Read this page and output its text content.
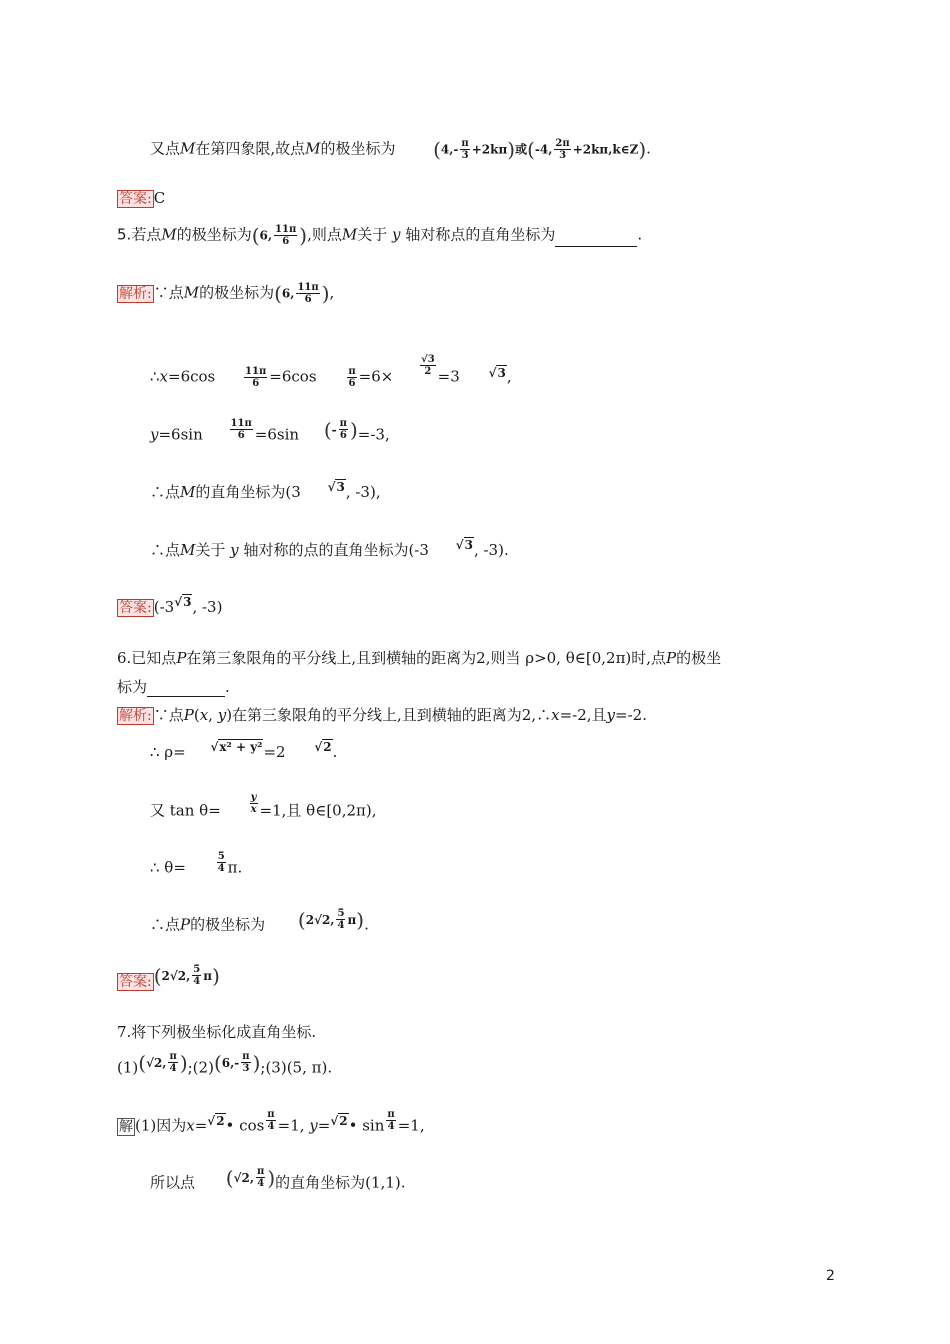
又点M在第四象限,故点M的极坐标为 $(4,- \frac{\pi}{3} +2k\pi)$或(-4, $\frac{2\pi}{3}$ +2kπ,k∈Z).
答案: C
5.若点M的极坐标为(6, $\frac{11\pi}{6}$ ),则点M关于 y 轴对称点的直角坐标为	.
解析: ∵点M的极坐标为(6, $\frac{11\pi}{6}$ ),
∴x=6cos	$\frac{11\pi}{6} =6\cos$	$\frac{\pi}{6} =6\times$	$\frac{√3}{2} =3$ $^{√3}$,
y=6sin	$\frac{11\pi}{6} =6\sin$ $(^- \frac{\pi}{6} )=-3$,
∴点M的直角坐标为(3 $^{√3}$, -3),
∴点M关于 y 轴对称的点的直角坐标为(-3 $^{√3}$, -3).
答案: ($-3^{√3}$, -3)
6.已知点P在第三象限角的平分线上,且到横轴的距离为2,则当 ρ>0, θ∈[0,2π)时,点P的极坐
标为	.
解析: ∵点P(x, y)在第三象限角的平分线上,且到横轴的距离为2,∴x=-2,且y=-2.
∴ ρ= $^{√x^2 + y^2}$=2 $^{√2}$.
又 tan θ=	$\frac{y}{x} =1$,且 θ∈[0,2π),
∴ θ=	$\frac{5}{4} \pi$.
∴点P的极坐标为 $(^{2√2,} \frac{5}{4} ^\pi)$.
答案: $(^{2√2,} \frac{5}{4} ^\pi)$
7.将下列极坐标化成直角坐标.
$(1)(^{√2,} \frac{\pi}{4}$ );(2)($^{6,-}$ $\frac{\pi}{3}$ );(3)(5, π).
解 (1)因为x=$^{√2}$• $\cos \frac{\pi}{4} =1$, y=$^{√2}$• $\sin \frac{\pi}{4} =1$,
所以点 ($^{√2,} \frac{\pi}{4}$ )的直角坐标为(1,1).
2
